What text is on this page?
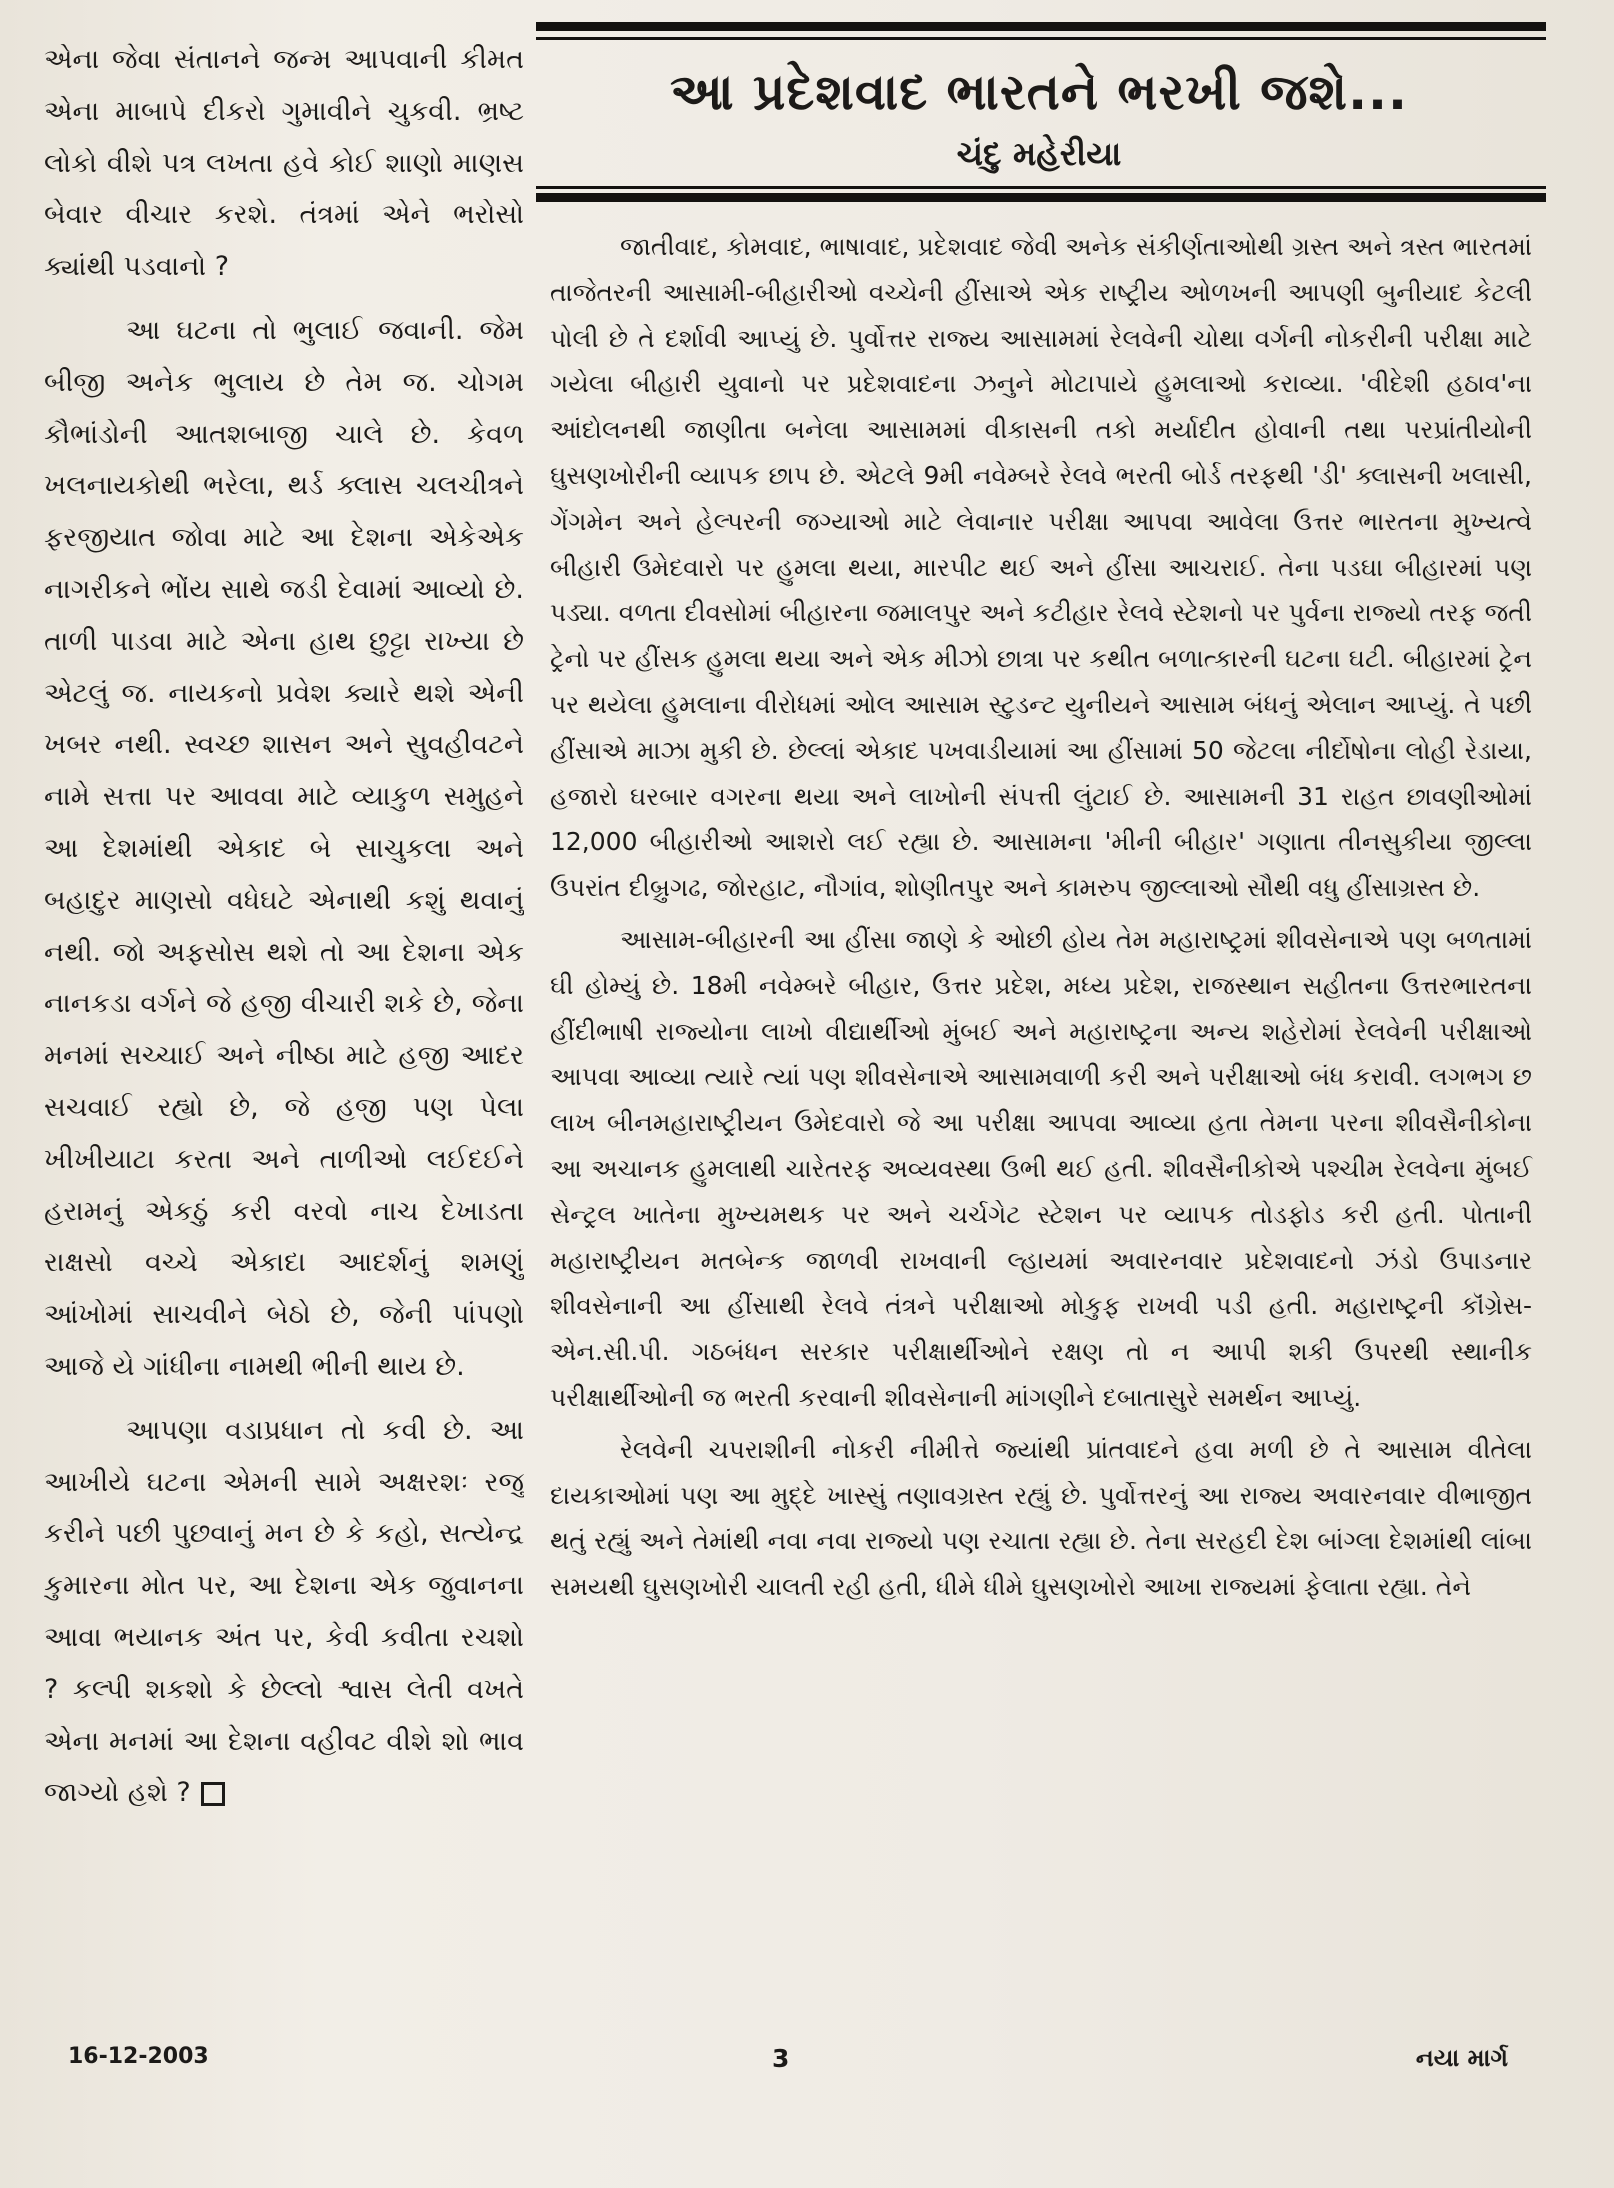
એના જેવા સંતાનને જન્મ આપવાની કીમત એના માબાપે દીકરો ગુમાવીને ચુકવી. ભ્રષ્ટ લોકો વીશે પત્ર લખતા હવે કોઈ શાણો માણસ બેવાર વીચાર કરશે. તંત્રમાં એને ભરોસો ક્યાંથી પડવાનો ?

આ ઘટના તો ભુલાઈ જવાની. જેમ બીજી અનેક ભુલાય છે તેમ જ. ચોગમ કૌભાંડોની આતશબાજી ચાલે છે. કેવળ ખલનાયકોથી ભરેલા, થર્ડ ક્લાસ ચલચીત્રને ફરજીયાત જોવા માટે આ દેશના એકેએક નાગરીકને ભોંય સાથે જડી દેવામાં આવ્યો છે. તાળી પાડવા માટે એના હાથ છુટ્ટા રાખ્યા છે એટલું જ. નાયકનો પ્રવેશ ક્યારે થશે એની ખબર નથી. સ્વચ્છ શાસન અને સુવહીવટને નામે સત્તા પર આવવા માટે વ્યાકુળ સમુહને આ દેશમાંથી એકાદ બે સાચુકલા અને બહાદુર માણસો વધેઘટે એનાથી કશું થવાનું નથી. જો અફસોસ થશે તો આ દેશના એક નાનકડા વર્ગને જે હજી વીચારી શકે છે, જેના મનમાં સચ્ચાઈ અને નીષ્ઠા માટે હજી આદર સચવાઈ રહ્યો છે, જે હજી પણ પેલા ખીખીયાટા કરતા અને તાળીઓ લઈદઈને હરામનું એકઠું કરી વરવો નાચ દેખાડતા રાક્ષસો વચ્ચે એકાદા આદર્શનું શમણું આંખોમાં સાચવીને બેઠો છે, જેની પાંપણો આજે યે ગાંધીના નામથી ભીની થાય છે.

આપણા વડાપ્રધાન તો કવી છે. આ આખીયે ઘટના એમની સામે અક્ષરશઃ રજુ કરીને પછી પુછવાનું મન છે કે કહો, સત્યેન્દ્ર કુમારના મોત પર, આ દેશના એક જુવાનના આવા ભયાનક અંત પર, કેવી કવીતા રચશો ? કલ્પી શકશો કે છેલ્લો શ્વાસ લેતી વખતે એના મનમાં આ દેશના વહીવટ વીશે શો ભાવ જાગ્યો હશે ?

આ પ્રદેશવાદ ભારતને ભરખી જશે...
ચંદુ મહેરીયા

જાતીવાદ, કોમવાદ, ભાષાવાદ, પ્રદેશવાદ જેવી અનેક સંકીર્ણતાઓથી ગ્રસ્ત અને ત્રસ્ત ભારતમાં તાજેતરની આસામી-બીહારીઓ વચ્ચેની હીંસાએ એક રાષ્ટ્રીય ઓળખની આપણી બુનીયાદ કેટલી પોલી છે તે દર્શાવી આપ્યું છે. પુર્વોત્તર રાજ્ય આસામમાં રેલવેની ચોથા વર્ગની નોકરીની પરીક્ષા માટે ગયેલા બીહારી યુવાનો પર પ્રદેશવાદના ઝનુને મોટાપાયે હુમલાઓ કરાવ્યા. 'વીદેશી હઠાવ'ના આંદોલનથી જાણીતા બનેલા આસામમાં વીકાસની તકો મર્યાદીત હોવાની તથા પરપ્રાંતીયોની ઘુસણખોરીની વ્યાપક છાપ છે. એટલે 9મી નવેમ્બરે રેલવે ભરતી બોર્ડ તરફથી 'ડી' ક્લાસની ખલાસી, ગેંગમેન અને હેલ્પરની જગ્યાઓ માટે લેવાનાર પરીક્ષા આપવા આવેલા ઉત્તર ભારતના મુખ્યત્વે બીહારી ઉમેદવારો પર હુમલા થયા, મારપીટ થઈ અને હીંસા આચરાઈ. તેના પડઘા બીહારમાં પણ પડ્યા. વળતા દીવસોમાં બીહારના જમાલપુર અને કટીહાર રેલવે સ્ટેશનો પર પુર્વના રાજ્યો તરફ જતી ટ્રેનો પર હીંસક હુમલા થયા અને એક મીઝો છાત્રા પર કથીત બળાત્કારની ઘટના ઘટી. બીહારમાં ટ્રેન પર થયેલા હુમલાના વીરોધમાં ઓલ આસામ સ્ટુડન્ટ યુનીયને આસામ બંધનું એલાન આપ્યું. તે પછી હીંસાએ માઝા મુકી છે. છેલ્લાં એકાદ પખવાડીયામાં આ હીંસામાં 50 જેટલા નીર્દોષોના લોહી રેડાયા, હજારો ઘરબાર વગરના થયા અને લાખોની સંપત્તી લુંટાઈ છે. આસામની 31 રાહત છાવણીઓમાં 12,000 બીહારીઓ આશરો લઈ રહ્યા છે. આસામના 'મીની બીહાર' ગણાતા તીનસુકીયા જીલ્લા ઉપરાંત દીબ્રુગઢ, જોરહાટ, નૌગાંવ, શોણીતપુર અને કામરુપ જીલ્લાઓ સૌથી વધુ હીંસાગ્રસ્ત છે.

આસામ-બીહારની આ હીંસા જાણે કે ઓછી હોય તેમ મહારાષ્ટ્રમાં શીવસેનાએ પણ બળતામાં ઘી હોમ્યું છે. 18મી નવેમ્બરે બીહાર, ઉત્તર પ્રદેશ, મધ્ય પ્રદેશ, રાજસ્થાન સહીતના ઉત્તરભારતના હીંદીભાષી રાજ્યોના લાખો વીદ્યાર્થીઓ મુંબઈ અને મહારાષ્ટ્રના અન્ય શહેરોમાં રેલવેની પરીક્ષાઓ આપવા આવ્યા ત્યારે ત્યાં પણ શીવસેનાએ આસામવાળી કરી અને પરીક્ષાઓ બંધ કરાવી. લગભગ છ લાખ બીનમહારાષ્ટ્રીયન ઉમેદવારો જે આ પરીક્ષા આપવા આવ્યા હતા તેમના પરના શીવસૈનીકોના આ અચાનક હુમલાથી ચારેતરફ અવ્યવસ્થા ઉભી થઈ હતી. શીવસૈનીકોએ પશ્ચીમ રેલવેના મુંબઈ સેન્ટ્રલ ખાતેના મુખ્યમથક પર અને ચર્ચગેટ સ્ટેશન પર વ્યાપક તોડફોડ કરી હતી. પોતાની મહારાષ્ટ્રીયન મતબેન્ક જાળવી રાખવાની લ્હાયમાં અવારનવાર પ્રદેશવાદનો ઝંડો ઉપાડનાર શીવસેનાની આ હીંસાથી રેલવે તંત્રને પરીક્ષાઓ મોકુફ રાખવી પડી હતી. મહારાષ્ટ્રની કૉંગ્રેસ-એન.સી.પી. ગઠબંધન સરકાર પરીક્ષાર્થીઓને રક્ષણ તો ન આપી શકી ઉપરથી સ્થાનીક પરીક્ષાર્થીઓની જ ભરતી કરવાની શીવસેનાની માંગણીને દબાતાસુરે સમર્થન આપ્યું.

રેલવેની ચપરાશીની નોકરી નીમીત્તે જ્યાંથી પ્રાંતવાદને હવા મળી છે તે આસામ વીતેલા દાયકાઓમાં પણ આ મુદ્દે ખાસ્સું તણાવગ્રસ્ત રહ્યું છે. પુર્વોત્તરનું આ રાજ્ય અવારનવાર વીભાજીત થતું રહ્યું અને તેમાંથી નવા નવા રાજ્યો પણ રચાતા રહ્યા છે. તેના સરહદી દેશ બાંગ્લા દેશમાંથી લાંબા સમયથી ઘુસણખોરી ચાલતી રહી હતી, ધીમે ધીમે ઘુસણખોરો આખા રાજ્યમાં ફેલાતા રહ્યા. તેને

16-12-2003	3	નયા માર્ગ
